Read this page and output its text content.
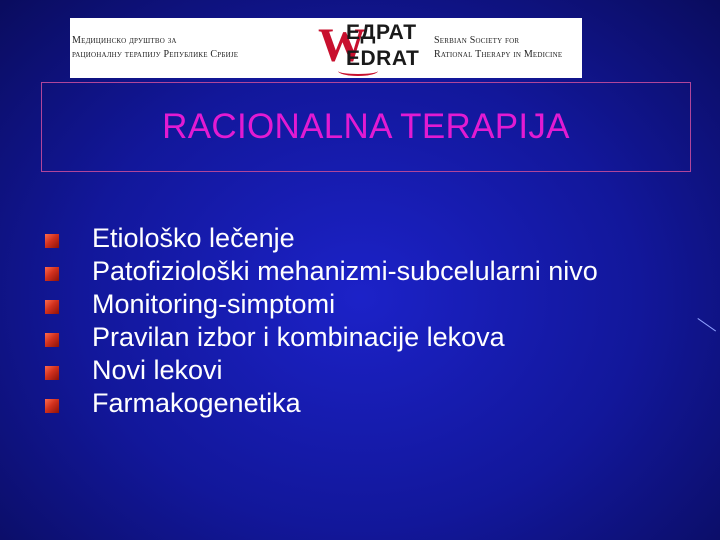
Медицинско друштво за
рационалну терапију Републике Србије	W
ЕДРАТ
EDRAT
Serbian Society for
Rational Therapy in Medicine
RACIONALNA TERAPIJA
Etiološko lečenje
Patofiziološki mehanizmi-subcelularni nivo
Monitoring-simptomi
Pravilan izbor i kombinacije lekova
Novi lekovi
Farmakogenetika
